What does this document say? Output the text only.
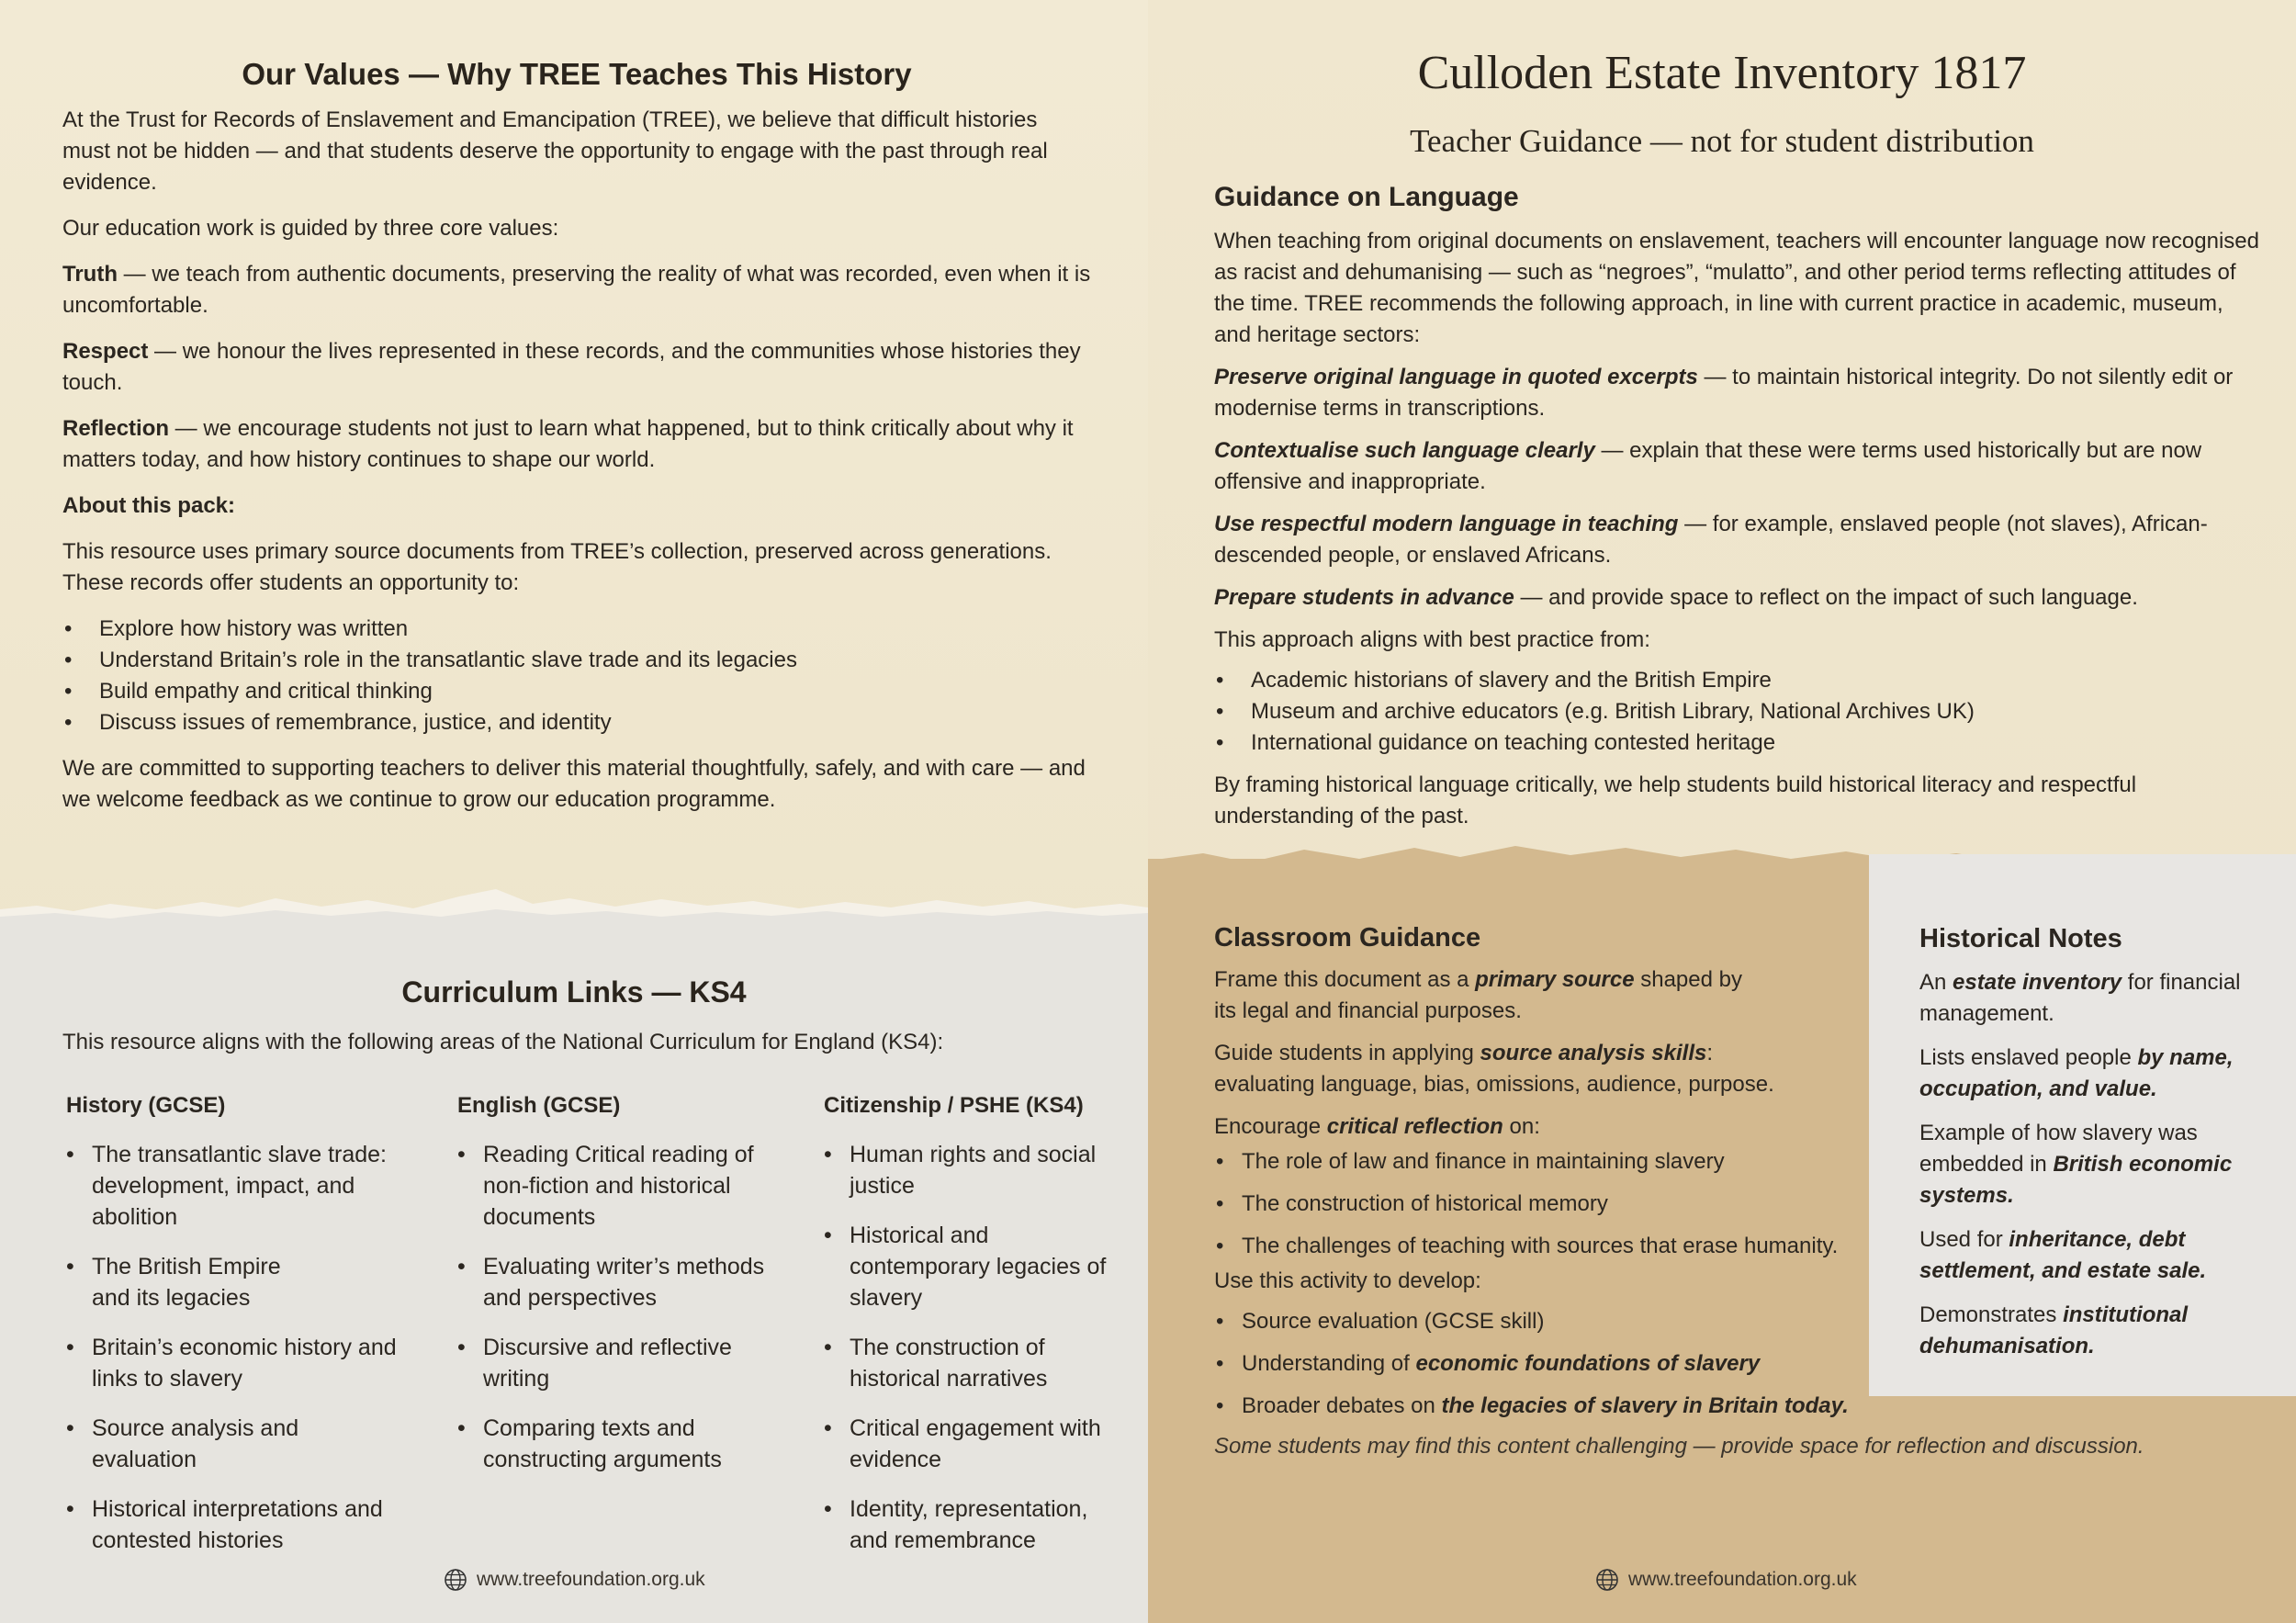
Our Values — Why TREE Teaches This History

At the Trust for Records of Enslavement and Emancipation (TREE), we believe that difficult histories must not be hidden — and that students deserve the opportunity to engage with the past through real evidence.

Our education work is guided by three core values:

Truth — we teach from authentic documents, preserving the reality of what was recorded, even when it is uncomfortable.

Respect — we honour the lives represented in these records, and the communities whose histories they touch.

Reflection — we encourage students not just to learn what happened, but to think critically about why it matters today, and how history continues to shape our world.

About this pack:

This resource uses primary source documents from TREE’s collection, preserved across generations. These records offer students an opportunity to:

• Explore how history was written
• Understand Britain’s role in the transatlantic slave trade and its legacies
• Build empathy and critical thinking
• Discuss issues of remembrance, justice, and identity

We are committed to supporting teachers to deliver this material thoughtfully, safely, and with care — and we welcome feedback as we continue to grow our education programme.

Curriculum Links — KS4

This resource aligns with the following areas of the National Curriculum for England (KS4):

History (GCSE)

• The transatlantic slave trade: development, impact, and abolition
• The British Empire and its legacies
• Britain’s economic history and links to slavery
• Source analysis and evaluation
• Historical interpretations and contested histories

English (GCSE)

• Reading Critical reading of non-fiction and historical documents
• Evaluating writer’s methods and perspectives
• Discursive and reflective writing
• Comparing texts and constructing arguments

Citizenship / PSHE (KS4)

• Human rights and social justice
• Historical and contemporary legacies of slavery
• The construction of historical narratives
• Critical engagement with evidence
• Identity, representation, and remembrance
www.treefoundation.org.uk

Culloden Estate Inventory 1817

Teacher Guidance — not for student distribution

Guidance on Language

When teaching from original documents on enslavement, teachers will encounter language now recognised as racist and dehumanising — such as “negroes”, “mulatto”, and other period terms reflecting attitudes of the time. TREE recommends the following approach, in line with current practice in academic, museum, and heritage sectors:

Preserve original language in quoted excerpts — to maintain historical integrity. Do not silently edit or modernise terms in transcriptions.

Contextualise such language clearly — explain that these were terms used historically but are now offensive and inappropriate.

Use respectful modern language in teaching — for example, enslaved people (not slaves), African-descended people, or enslaved Africans.

Prepare students in advance — and provide space to reflect on the impact of such language.

This approach aligns with best practice from:

• Academic historians of slavery and the British Empire
• Museum and archive educators (e.g. British Library, National Archives UK)
• International guidance on teaching contested heritage

By framing historical language critically, we help students build historical literacy and respectful understanding of the past.

Classroom Guidance

Frame this document as a primary source shaped by its legal and financial purposes.

Guide students in applying source analysis skills: evaluating language, bias, omissions, audience, purpose.

Encourage critical reflection on:

• The role of law and finance in maintaining slavery
• The construction of historical memory
• The challenges of teaching with sources that erase humanity.

Use this activity to develop:

• Source evaluation (GCSE skill)
• Understanding of economic foundations of slavery
• Broader debates on the legacies of slavery in Britain today.

Some students may find this content challenging — provide space for reflection and discussion.

www.treefoundation.org.uk

Historical Notes

An estate inventory for financial management.

Lists enslaved people by name, occupation, and value.

Example of how slavery was embedded in British economic systems.

Used for inheritance, debt settlement, and estate sale.

Demonstrates institutional dehumanisation.
